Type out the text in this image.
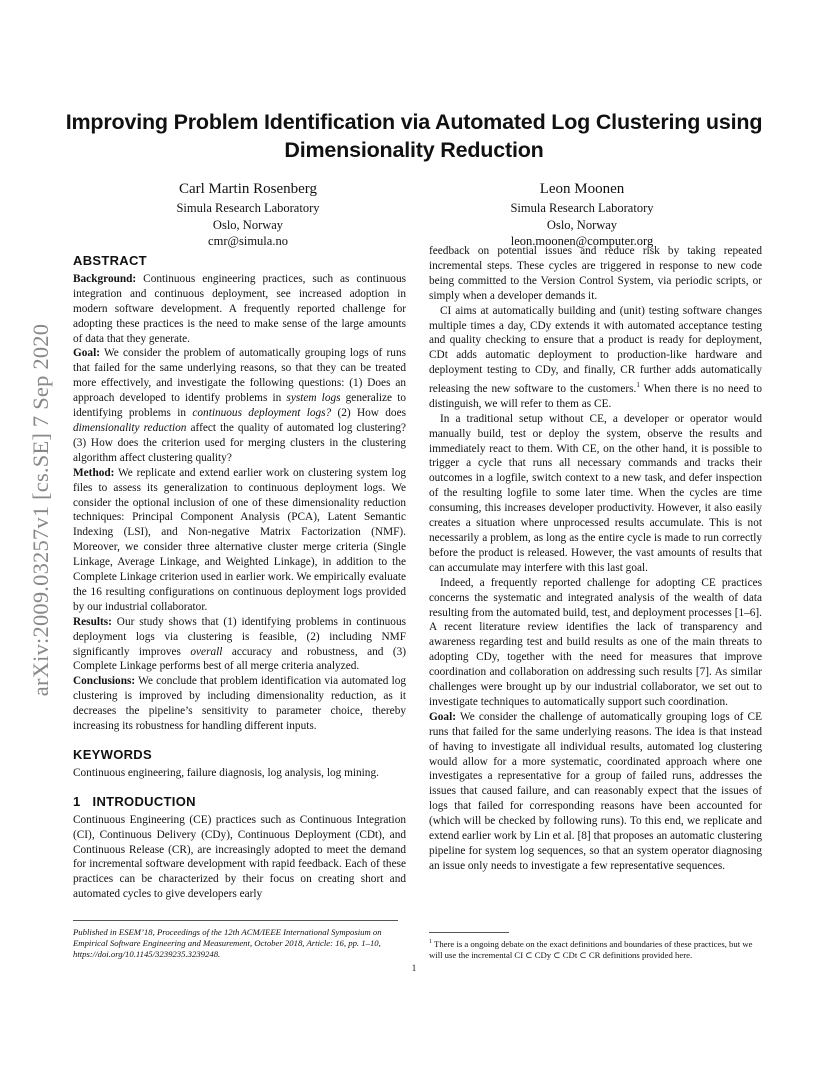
Improving Problem Identification via Automated Log Clustering using Dimensionality Reduction
Carl Martin Rosenberg
Simula Research Laboratory
Oslo, Norway
cmr@simula.no
Leon Moonen
Simula Research Laboratory
Oslo, Norway
leon.moonen@computer.org
arXiv:2009.03257v1 [cs.SE] 7 Sep 2020
ABSTRACT

Background: Continuous engineering practices, such as continuous integration and continuous deployment, see increased adoption in modern software development. A frequently reported challenge for adopting these practices is the need to make sense of the large amounts of data that they generate.

Goal: We consider the problem of automatically grouping logs of runs that failed for the same underlying reasons, so that they can be treated more effectively, and investigate the following questions: (1) Does an approach developed to identify problems in system logs generalize to identifying problems in continuous deployment logs? (2) How does dimensionality reduction affect the quality of automated log clustering? (3) How does the criterion used for merging clusters in the clustering algorithm affect clustering quality?

Method: We replicate and extend earlier work on clustering system log files to assess its generalization to continuous deployment logs. We consider the optional inclusion of one of these dimensionality reduction techniques: Principal Component Analysis (PCA), Latent Semantic Indexing (LSI), and Non-negative Matrix Factorization (NMF). Moreover, we consider three alternative cluster merge criteria (Single Linkage, Average Linkage, and Weighted Linkage), in addition to the Complete Linkage criterion used in earlier work. We empirically evaluate the 16 resulting configurations on continuous deployment logs provided by our industrial collaborator.

Results: Our study shows that (1) identifying problems in continuous deployment logs via clustering is feasible, (2) including NMF significantly improves overall accuracy and robustness, and (3) Complete Linkage performs best of all merge criteria analyzed.

Conclusions: We conclude that problem identification via automated log clustering is improved by including dimensionality reduction, as it decreases the pipeline’s sensitivity to parameter choice, thereby increasing its robustness for handling different inputs.

KEYWORDS

Continuous engineering, failure diagnosis, log analysis, log mining.

1 INTRODUCTION

Continuous Engineering (CE) practices such as Continuous Integration (CI), Continuous Delivery (CDy), Continuous Deployment (CDt), and Continuous Release (CR), are increasingly adopted to meet the demand for incremental software development with rapid feedback. Each of these practices can be characterized by their focus on creating short and automated cycles to give developers early

feedback on potential issues and reduce risk by taking repeated incremental steps. These cycles are triggered in response to new code being committed to the Version Control System, via periodic scripts, or simply when a developer demands it.

CI aims at automatically building and (unit) testing software changes multiple times a day, CDy extends it with automated acceptance testing and quality checking to ensure that a product is ready for deployment, CDt adds automatic deployment to production-like hardware and deployment testing to CDy, and finally, CR further adds automatically releasing the new software to the customers.$^1$ When there is no need to distinguish, we will refer to them as CE.

In a traditional setup without CE, a developer or operator would manually build, test or deploy the system, observe the results and immediately react to them. With CE, on the other hand, it is possible to trigger a cycle that runs all necessary commands and tracks their outcomes in a logfile, switch context to a new task, and defer inspection of the resulting logfile to some later time. When the cycles are time consuming, this increases developer productivity. However, it also easily creates a situation where unprocessed results accumulate. This is not necessarily a problem, as long as the entire cycle is made to run correctly before the product is released. However, the vast amounts of results that can accumulate may interfere with this last goal.

Indeed, a frequently reported challenge for adopting CE practices concerns the systematic and integrated analysis of the wealth of data resulting from the automated build, test, and deployment processes [1–6]. A recent literature review identifies the lack of transparency and awareness regarding test and build results as one of the main threats to adopting CDy, together with the need for measures that improve coordination and collaboration on addressing such results [7]. As similar challenges were brought up by our industrial collaborator, we set out to investigate techniques to automatically support such coordination.

Goal: We consider the challenge of automatically grouping logs of CE runs that failed for the same underlying reasons. The idea is that instead of having to investigate all individual results, automated log clustering would allow for a more systematic, coordinated approach where one investigates a representative for a group of failed runs, addresses the issues that caused failure, and can reasonably expect that the issues of logs that failed for corresponding reasons have been accounted for (which will be checked by following runs). To this end, we replicate and extend earlier work by Lin et al. [8] that proposes an automatic clustering pipeline for system log sequences, so that an system operator diagnosing an issue only needs to investigate a few representative sequences.

Published in ESEM’18, Proceedings of the 12th ACM/IEEE International Symposium on Empirical Software Engineering and Measurement, October 2018, Article: 16, pp. 1–10, https://doi.org/10.1145/3239235.3239248.
$^1$ There is a ongoing debate on the exact definitions and boundaries of these practices, but we will use the incremental CI ⊂ CDy ⊂ CDt ⊂ CR definitions provided here.
1
